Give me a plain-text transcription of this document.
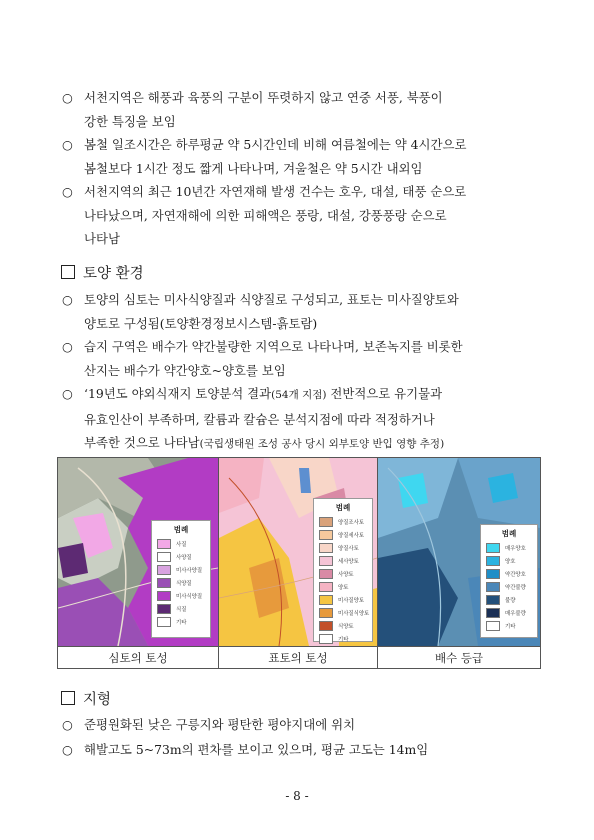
○ 서천지역은 해풍과 육풍의 구분이 뚜렷하지 않고 연중 서풍, 북풍이
강한 특징을 보임
○ 봄철 일조시간은 하루평균 약 5시간인데 비해 여름철에는 약 4시간으로
봄철보다 1시간 정도 짧게 나타나며, 겨울철은 약 5시간 내외임
○ 서천지역의 최근 10년간 자연재해 발생 건수는 호우, 대설, 태풍 순으로
나타났으며, 자연재해에 의한 피해액은 풍랑, 대설, 강풍풍랑 순으로
나타남
토양 환경
○ 토양의 심토는 미사식양질과 식양질로 구성되고, 표토는 미사질양토와
양토로 구성됨(토양환경정보시스템-흙토람)
○ 습지 구역은 배수가 약간불량한 지역으로 나타나며, 보존녹지를 비롯한
산지는 배수가 약간양호~양호를 보임
○ ‘19년도 야외식재지 토양분석 결과(54개 지점) 전반적으로 유기물과
유효인산이 부족하며, 칼륨과 칼슘은 분석지점에 따라 적정하거나
부족한 것으로 나타남(국립생태원 조성 공사 당시 외부토양 반입 영향 추정)
범례
사질
사양질
미사사양질
식양질
미사식양질
식질
기타
범례
양질조사토
양질세사토
양질사토
세사양토
사양토
양토
미사질양토
미사질식양토
식양토
기타
범례
매우양호
양호
약간양호
약간불량
불량
매우불량
기타
심토의 토성	표토의 토성	배수 등급
지형
○ 준평원화된 낮은 구릉지와 평탄한 평야지대에 위치
○ 해발고도 5~73m의 편차를 보이고 있으며, 평균 고도는 14m임
- 8 -
